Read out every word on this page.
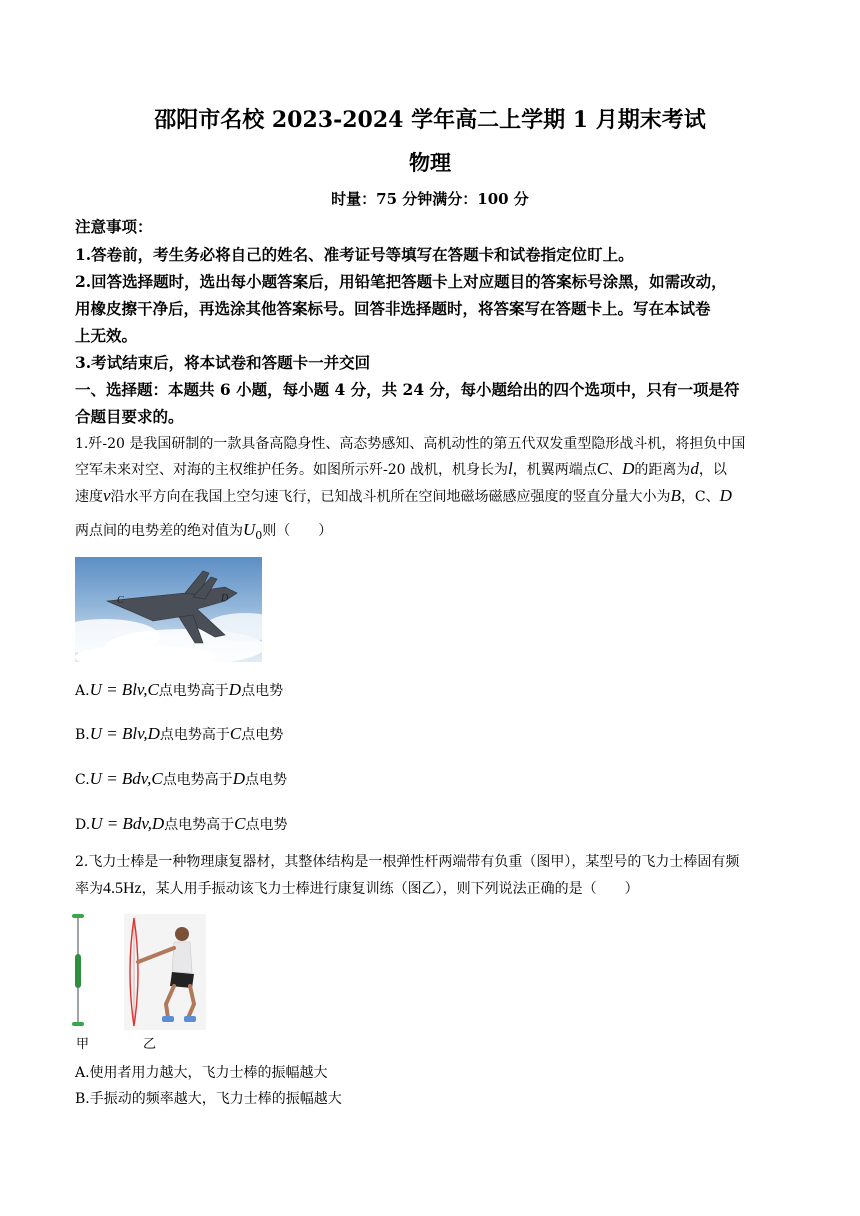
邵阳市名校 2023-2024 学年高二上学期 1 月期末考试
物理
时量：75 分钟满分：100 分
注意事项：
1.答卷前，考生务必将自己的姓名、准考证号等填写在答题卡和试卷指定位盯上。
2.回答选择题时，选出每小题答案后，用铅笔把答题卡上对应题目的答案标号涂黑，如需改动，
用橡皮擦干净后，再选涂其他答案标号。回答非选择题时，将答案写在答题卡上。写在本试卷
上无效。
3.考试结束后，将本试卷和答题卡一并交回
一、选择题：本题共 6 小题，每小题 4 分，共 24 分，每小题给出的四个选项中，只有一项是符
合题目要求的。
1.歼-20 是我国研制的一款具备高隐身性、高态势感知、高机动性的第五代双发重型隐形战斗机，将担负中国
空军未来对空、对海的主权维护任务。如图所示歼-20 战机，机身长为l，机翼两端点C、D的距离为d，以
速度v沿水平方向在我国上空匀速飞行，已知战斗机所在空间地磁场磁感应强度的竖直分量大小为B，C、D
两点间的电势差的绝对值为$U_0$则（　　）
C	D
A.U = Blv,C点电势高于D点电势
B.U = Blv,D点电势高于C点电势
C.U = Bdv,C点电势高于D点电势
D.U = Bdv,D点电势高于C点电势
2.飞力士棒是一种物理康复器材，其整体结构是一根弹性杆两端带有负重（图甲），某型号的飞力士棒固有频
率为4.5Hz，某人用手振动该飞力士棒进行康复训练（图乙），则下列说法正确的是（　　）
甲	乙
A.使用者用力越大，飞力士棒的振幅越大
B.手振动的频率越大，飞力士棒的振幅越大
